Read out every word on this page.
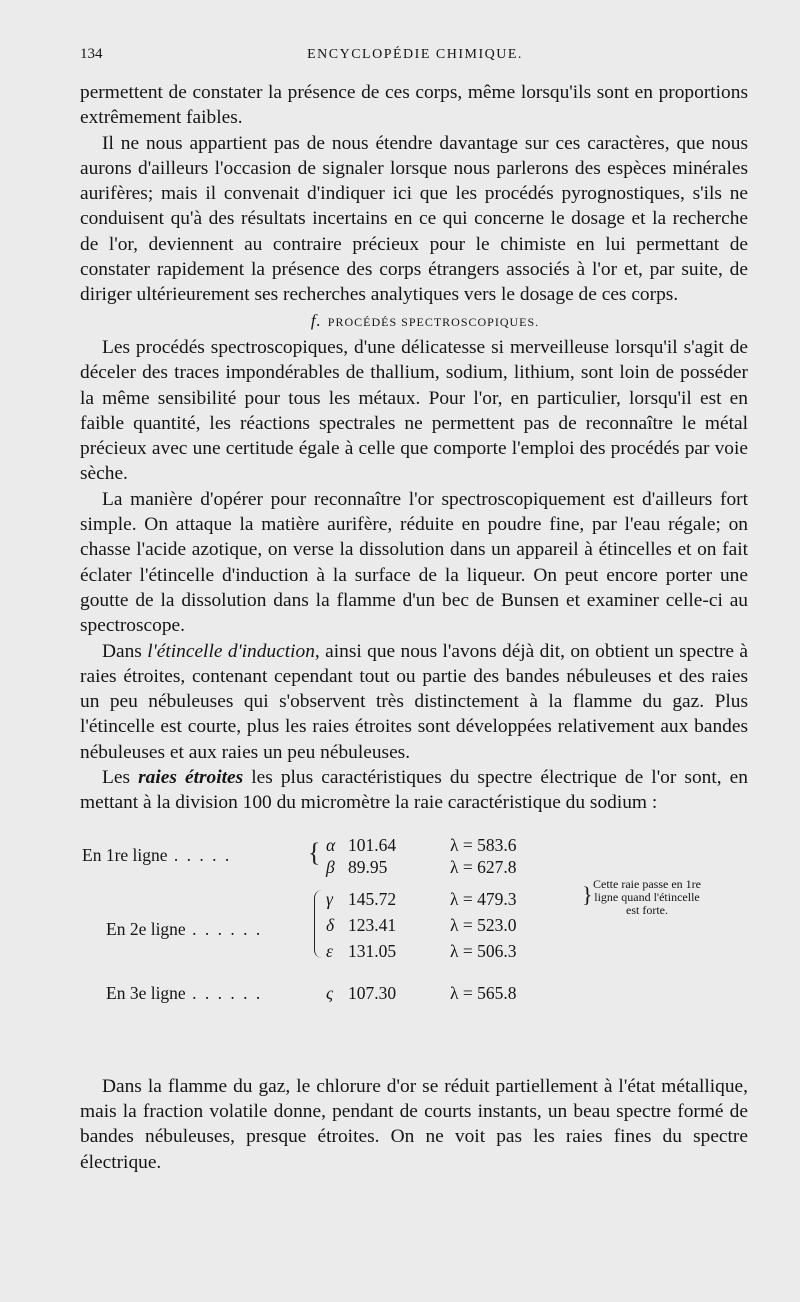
134	ENCYCLOPÉDIE CHIMIQUE.

permettent de constater la présence de ces corps, même lorsqu'ils sont en proportions extrêmement faibles.

Il ne nous appartient pas de nous étendre davantage sur ces caractères, que nous aurons d'ailleurs l'occasion de signaler lorsque nous parlerons des espèces minérales aurifères; mais il convenait d'indiquer ici que les procédés pyrognostiques, s'ils ne conduisent qu'à des résultats incertains en ce qui concerne le dosage et la recherche de l'or, deviennent au contraire précieux pour le chimiste en lui permettant de constater rapidement la présence des corps étrangers associés à l'or et, par suite, de diriger ultérieurement ses recherches analytiques vers le dosage de ces corps.

f. PROCÉDÉS SPECTROSCOPIQUES.

Les procédés spectroscopiques, d'une délicatesse si merveilleuse lorsqu'il s'agit de déceler des traces impondérables de thallium, sodium, lithium, sont loin de posséder la même sensibilité pour tous les métaux. Pour l'or, en particulier, lorsqu'il est en faible quantité, les réactions spectrales ne permettent pas de reconnaître le métal précieux avec une certitude égale à celle que comporte l'emploi des procédés par voie sèche.

La manière d'opérer pour reconnaître l'or spectroscopiquement est d'ailleurs fort simple. On attaque la matière aurifère, réduite en poudre fine, par l'eau régale; on chasse l'acide azotique, on verse la dissolution dans un appareil à étincelles et on fait éclater l'étincelle d'induction à la surface de la liqueur. On peut encore porter une goutte de la dissolution dans la flamme d'un bec de Bunsen et examiner celle-ci au spectroscope.

Dans l'étincelle d'induction, ainsi que nous l'avons déjà dit, on obtient un spectre à raies étroites, contenant cependant tout ou partie des bandes nébuleuses et des raies un peu nébuleuses qui s'observent très distinctement à la flamme du gaz. Plus l'étincelle est courte, plus les raies étroites sont développées relativement aux bandes nébuleuses et aux raies un peu nébuleuses.

Les raies étroites les plus caractéristiques du spectre électrique de l'or sont, en mettant à la division 100 du micromètre la raie caractéristique du sodium :

En 1re ligne . . . . .	{ α 101.64	λ = 583.6
β 89.95	λ = 627.8
En 2e ligne . . . . . .
γ 145.72	λ = 479.3
δ 123.41	λ = 523.0
ε 131.05	λ = 506.3
} Cette raie passe en 1re ligne quand l'étincelle est forte.
En 3e ligne . . . . . .	ς 107.30	λ = 565.8

Dans la flamme du gaz, le chlorure d'or se réduit partiellement à l'état métallique, mais la fraction volatile donne, pendant de courts instants, un beau spectre formé de bandes nébuleuses, presque étroites. On ne voit pas les raies fines du spectre électrique.
